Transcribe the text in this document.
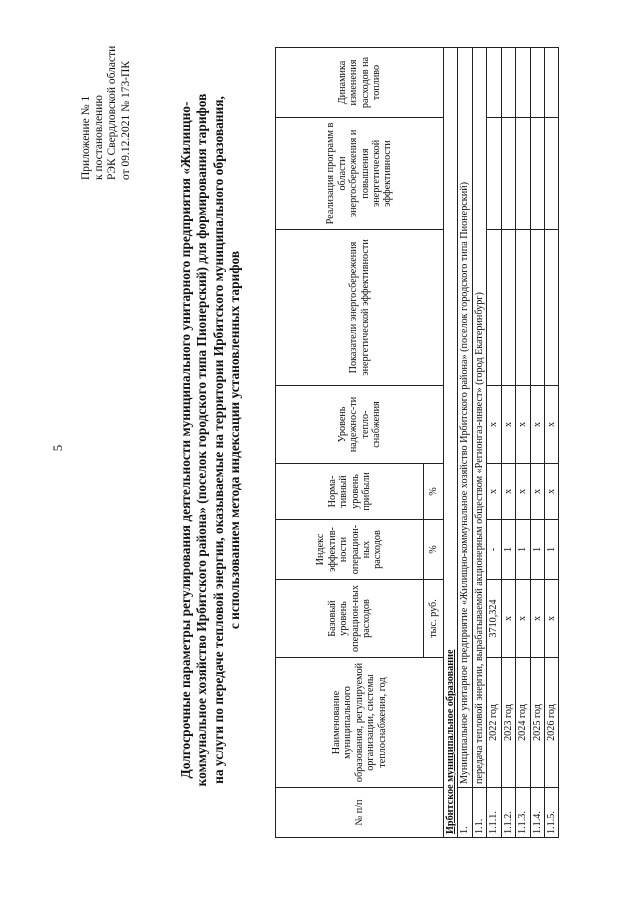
5
Приложение № 1 к постановлению РЭК Свердловской области от 09.12.2021 № 173-ПК	Долгосрочные параметры регулирования деятельности муниципального унитарного предприятия «Жилищно- коммунальное хозяйство Ирбитского района» (поселок городского типа Пионерский) для формирования тарифов на услуги по передаче тепловой энергии, оказываемые на территории Ирбитского муниципального образования, с использованием метода индексации установленных тарифов
№ п/п	Наименование муниципального образования, регулируемой организации, системы теплоснабжения, год	Базовый уровень операцион-ных расходов	Индекс эффектив-ности операцион-ных расходов	Норма-тивный уровень прибыли	Уровень надежнос-ти тепло-снабжения	Показатели энергосбережения энергетической эффективности	Реализация программ в области энергосбережения и повышения энергетической эффективности	Динамика изменения расходов на топливо
		тыс. руб.	%	%				
Ирбитское муниципальное образование								
1.	Муниципальное унитарное предприятие «Жилищно-коммунальное хозяйство Ирбитского района» (поселок городского типа Пионерский)							
1.1.	передача тепловой энергии, вырабатываемой акционерным обществом «Регионгаз-инвест» (город Екатеринбург)							
1.1.1.	2022 год	3710,324	-	x	x			
1.1.2.	2023 год	x	1	x	x			
1.1.3.	2024 год	x	1	x	x			
1.1.4.	2025 год	x	1	x	x			
1.1.5.	2026 год	x	1	x	x			
